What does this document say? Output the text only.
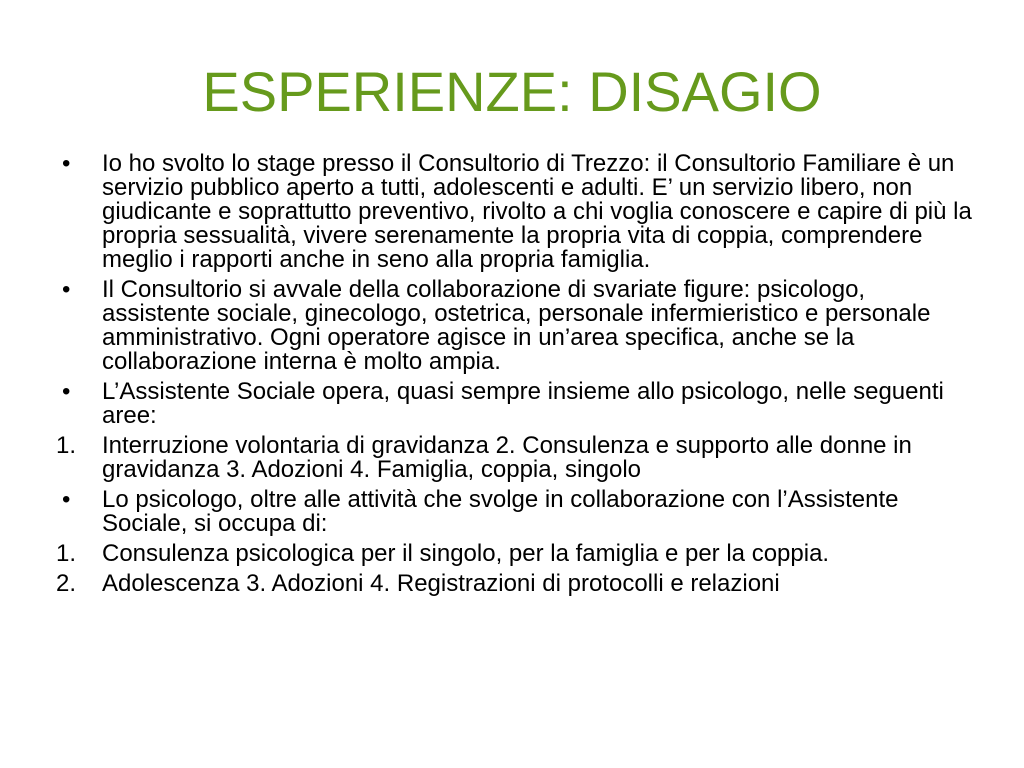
ESPERIENZE: DISAGIO
•	Io ho svolto lo stage presso il Consultorio di Trezzo: il Consultorio Familiare è un servizio pubblico aperto a tutti, adolescenti e adulti. E’ un servizio libero, non giudicante e soprattutto preventivo, rivolto a chi voglia conoscere e capire di più la propria sessualità, vivere serenamente la propria vita di coppia, comprendere meglio i rapporti anche in seno alla propria famiglia.
•	Il Consultorio si avvale della collaborazione di svariate figure: psicologo, assistente sociale, ginecologo, ostetrica, personale infermieristico e personale amministrativo. Ogni operatore agisce in un’area specifica, anche se la collaborazione interna è molto ampia.
•	L’Assistente Sociale opera, quasi sempre insieme allo psicologo, nelle seguenti aree:
1.	Interruzione volontaria di gravidanza 2. Consulenza e supporto alle donne in gravidanza 3. Adozioni 4. Famiglia, coppia, singolo
•	Lo psicologo, oltre alle attività che svolge in collaborazione con l’Assistente Sociale, si occupa di:
1.	Consulenza psicologica per il singolo, per la famiglia e per la coppia.
2.	Adolescenza 3. Adozioni 4. Registrazioni di protocolli e relazioni
